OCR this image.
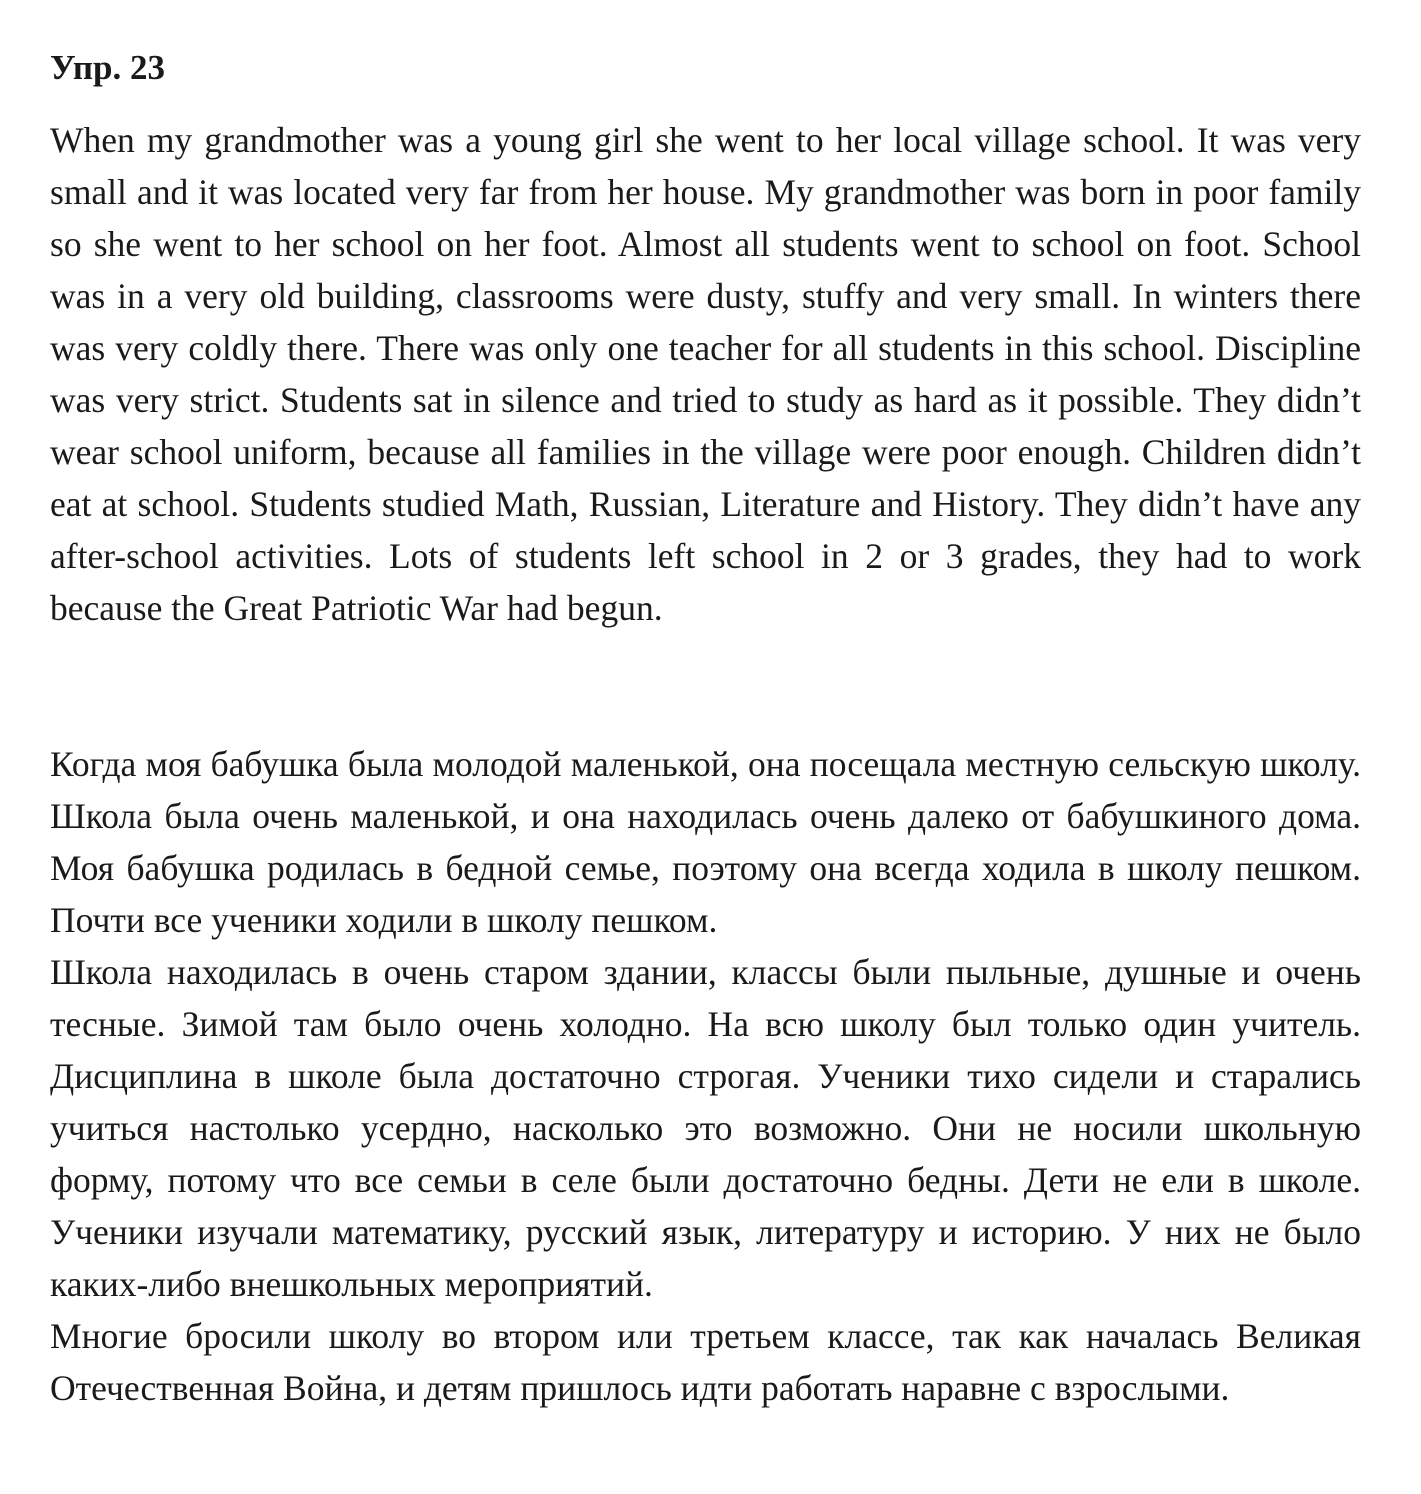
Упр. 23

When my grandmother was a young girl she went to her local village school. It was very small and it was located very far from her house. My grandmother was born in poor family so she went to her school on her foot. Almost all students went to school on foot. School was in a very old building, classrooms were dusty, stuffy and very small. In winters there was very coldly there. There was only one teacher for all students in this school. Discipline was very strict. Students sat in silence and tried to study as hard as it possible. They didn’t wear school uniform, because all families in the village were poor enough. Children didn’t eat at school. Students studied Math, Russian, Literature and History. They didn’t have any after-school activities. Lots of students left school in 2 or 3 grades, they had to work because the Great Patriotic War had begun.

Когда моя бабушка была молодой маленькой, она посещала местную сельскую школу. Школа была очень маленькой, и она находилась очень далеко от бабушкиного дома. Моя бабушка родилась в бедной семье, поэтому она всегда ходила в школу пешком. Почти все ученики ходили в школу пешком.

Школа находилась в очень старом здании, классы были пыльные, душные и очень тесные. Зимой там было очень холодно. На всю школу был только один учитель. Дисциплина в школе была достаточно строгая. Ученики тихо сидели и старались учиться настолько усердно, насколько это возможно. Они не носили школьную форму, потому что все семьи в селе были достаточно бедны. Дети не ели в школе. Ученики изучали математику, русский язык, литературу и историю. У них не было каких-либо внешкольных мероприятий.

Многие бросили школу во втором или третьем классе, так как началась Великая Отечественная Война, и детям пришлось идти работать наравне с взрослыми.
